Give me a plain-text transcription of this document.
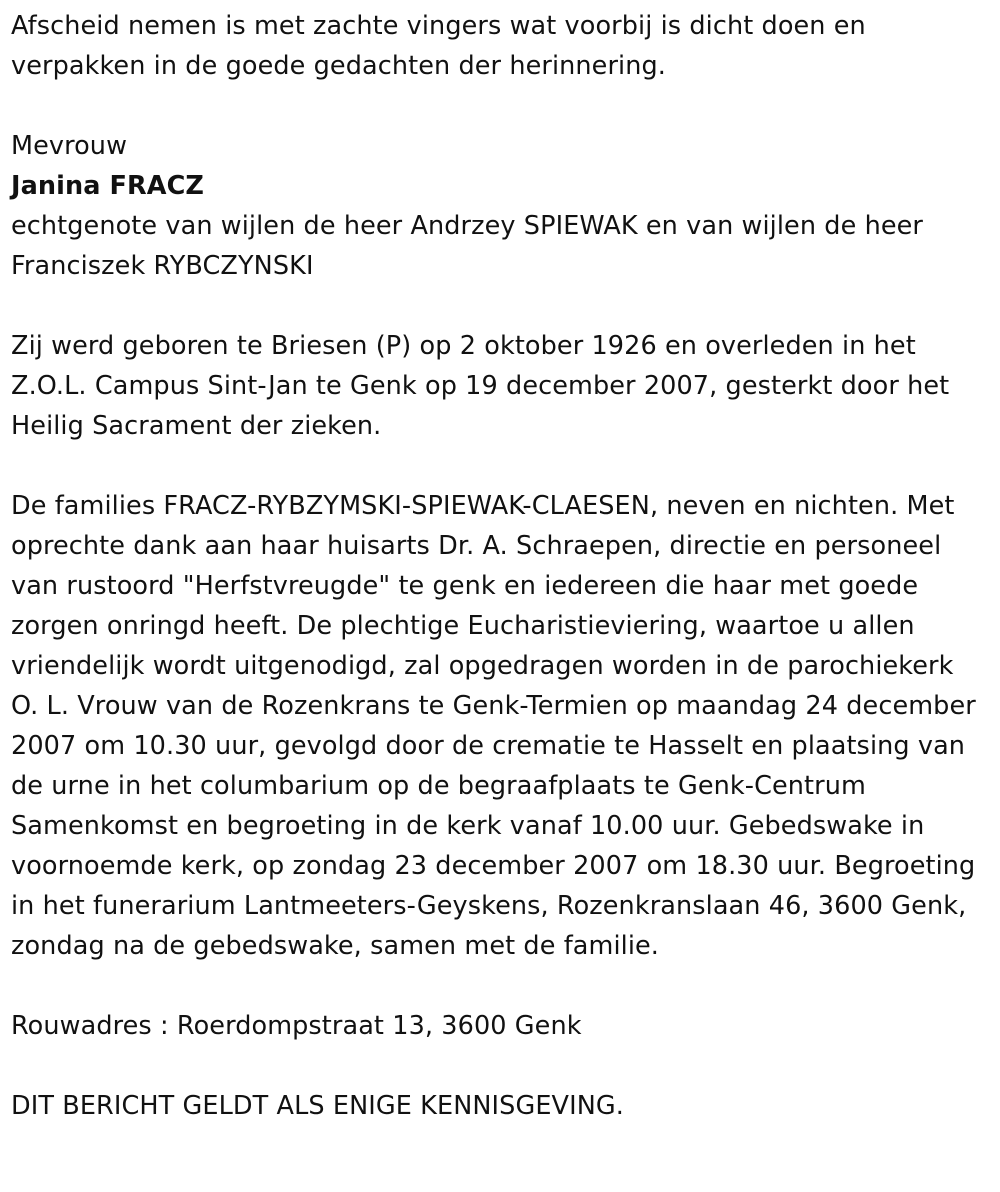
Afscheid nemen is met zachte vingers wat voorbij is dicht doen en verpakken in de goede gedachten der herinnering.

Mevrouw

Janina FRACZ

echtgenote van wijlen de heer Andrzey SPIEWAK en van wijlen de heer Franciszek RYBCZYNSKI

Zij werd geboren te Briesen (P) op 2 oktober 1926 en overleden in het Z.O.L. Campus Sint-Jan te Genk op 19 december 2007, gesterkt door het Heilig Sacrament der zieken.

De families FRACZ-RYBZYMSKI-SPIEWAK-CLAESEN, neven en nichten. Met oprechte dank aan haar huisarts Dr. A. Schraepen, directie en personeel van rustoord "Herfstvreugde" te genk en iedereen die haar met goede zorgen onringd heeft. De plechtige Eucharistieviering, waartoe u allen vriendelijk wordt uitgenodigd, zal opgedragen worden in de parochiekerk O. L. Vrouw van de Rozenkrans te Genk-Termien op maandag 24 december 2007 om 10.30 uur, gevolgd door de crematie te Hasselt en plaatsing van de urne in het columbarium op de begraafplaats te Genk-Centrum Samenkomst en begroeting in de kerk vanaf 10.00 uur. Gebedswake in voornoemde kerk, op zondag 23 december 2007 om 18.30 uur. Begroeting in het funerarium Lantmeeters-Geyskens, Rozenkranslaan 46, 3600 Genk, zondag na de gebedswake, samen met de familie.

Rouwadres : Roerdompstraat 13, 3600 Genk

DIT BERICHT GELDT ALS ENIGE KENNISGEVING.
